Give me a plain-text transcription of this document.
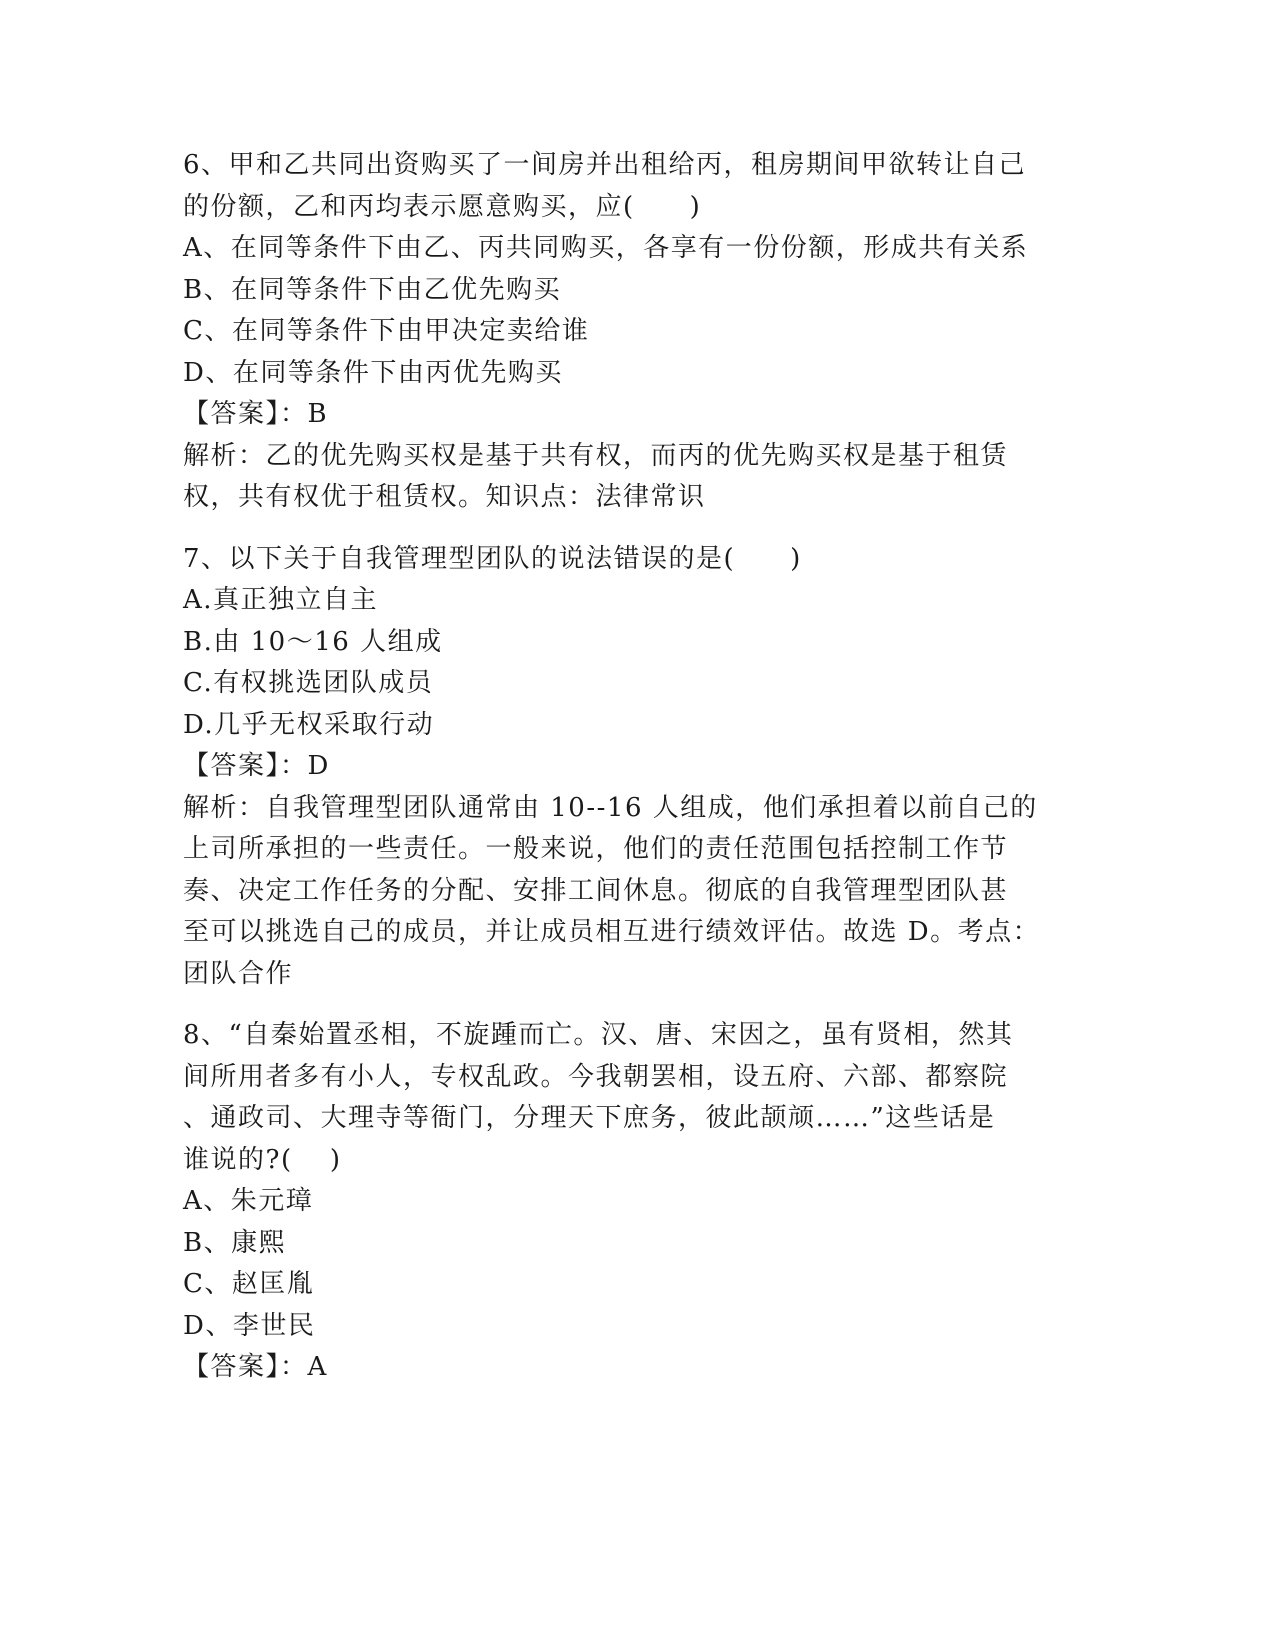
6、甲和乙共同出资购买了一间房并出租给丙，租房期间甲欲转让自己
的份额，乙和丙均表示愿意购买，应(　　)
A、在同等条件下由乙、丙共同购买，各享有一份份额，形成共有关系
B、在同等条件下由乙优先购买
C、在同等条件下由甲决定卖给谁
D、在同等条件下由丙优先购买
【答案】：B
解析：乙的优先购买权是基于共有权，而丙的优先购买权是基于租赁
权，共有权优于租赁权。知识点：法律常识
7、以下关于自我管理型团队的说法错误的是(　　)
A.真正独立自主
B.由 10～16 人组成
C.有权挑选团队成员
D.几乎无权采取行动
【答案】：D
解析：自我管理型团队通常由 10--16 人组成，他们承担着以前自己的
上司所承担的一些责任。一般来说，他们的责任范围包括控制工作节
奏、决定工作任务的分配、安排工间休息。彻底的自我管理型团队甚
至可以挑选自己的成员，并让成员相互进行绩效评估。故选 D。考点：
团队合作
8、“自秦始置丞相，不旋踵而亡。汉、唐、宋因之，虽有贤相，然其
间所用者多有小人，专权乱政。今我朝罢相，设五府、六部、都察院
、通政司、大理寺等衙门，分理天下庶务，彼此颉颃……”这些话是
谁说的?(　 )
A、朱元璋
B、康熙
C、赵匡胤
D、李世民
【答案】：A
